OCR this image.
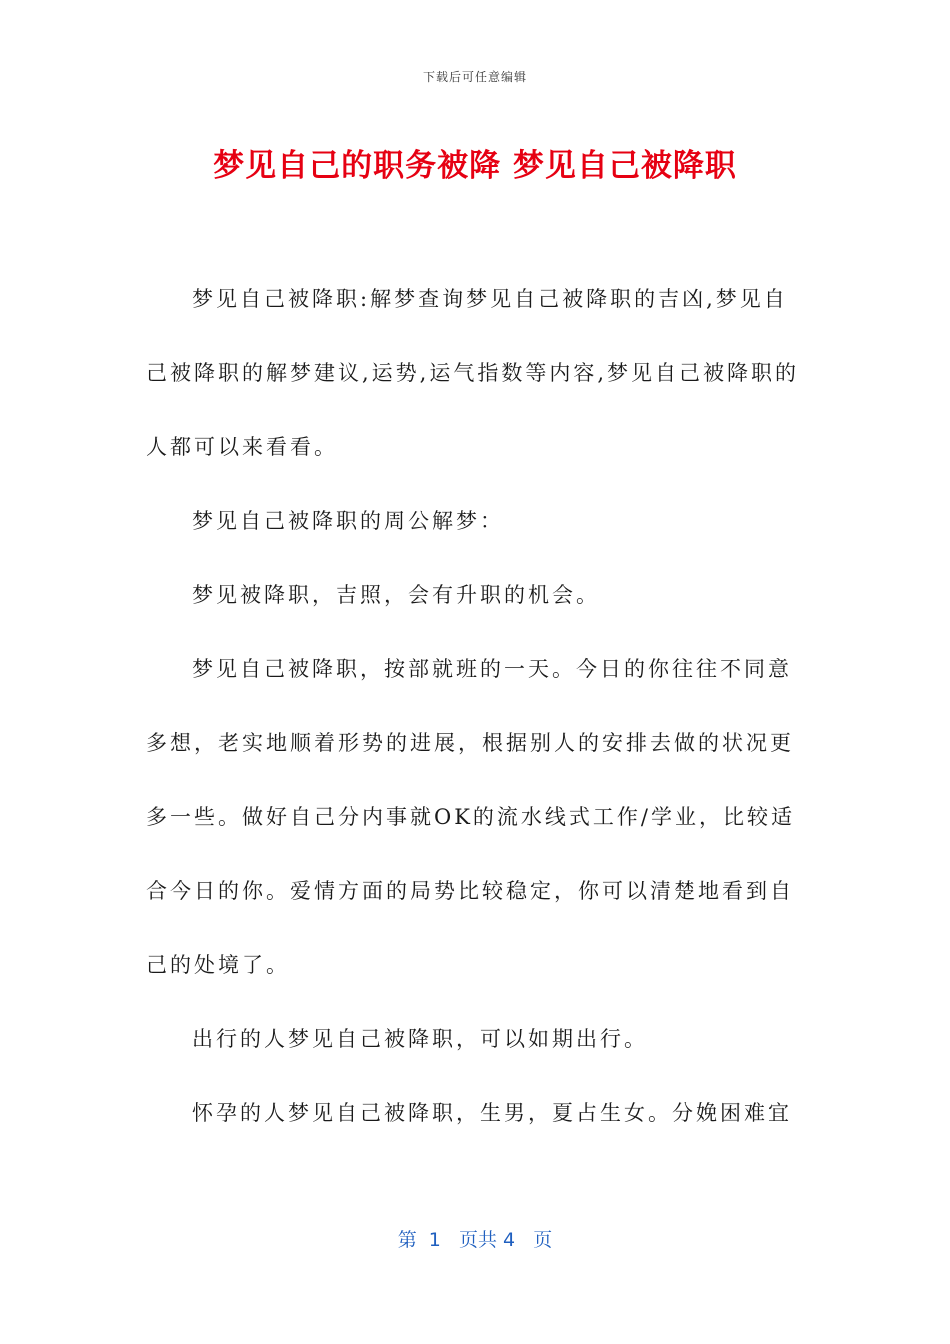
下载后可任意编辑
梦见自己的职务被降 梦见自己被降职

梦见自己被降职:解梦查询梦见自己被降职的吉凶,梦见自己被降职的解梦建议,运势,运气指数等内容,梦见自己被降职的人都可以来看看。

梦见自己被降职的周公解梦：

梦见被降职，吉照，会有升职的机会。

梦见自己被降职，按部就班的一天。今日的你往往不同意多想，老实地顺着形势的进展，根据别人的安排去做的状况更多一些。做好自己分内事就OK的流水线式工作/学业，比较适合今日的你。爱情方面的局势比较稳定，你可以清楚地看到自己的处境了。

出行的人梦见自己被降职，可以如期出行。

怀孕的人梦见自己被降职，生男，夏占生女。分娩困难宜

第  1   页共 4   页
